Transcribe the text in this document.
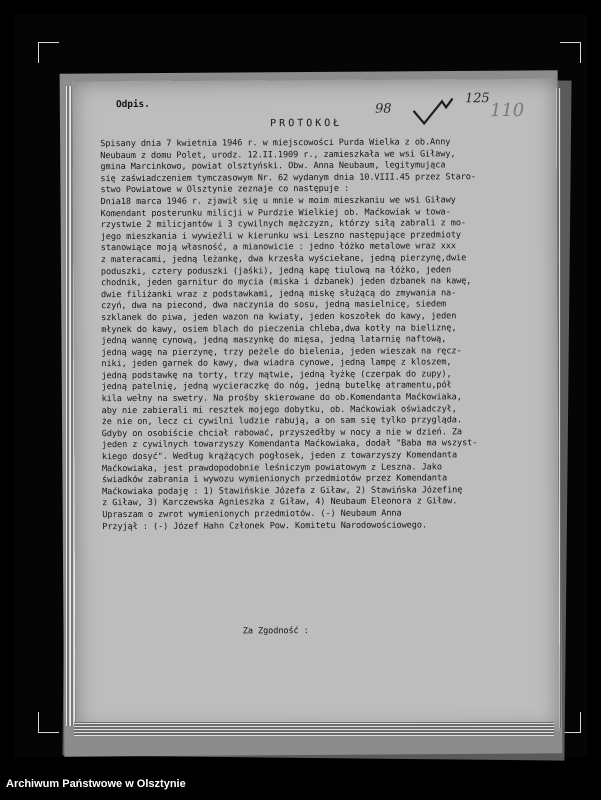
Odpis.
PROTOKOŁ
98
125
110
Spisany dnia 7 kwietnia 1946 r. w miejscowości Purda Wielka z ob.Anny
Neubaum z domu Polet, urodz. 12.II.1909 r., zamieszkała we wsi Giławy,
gmina Marcinkowo, powiat olsztyński. Obw. Anna Neubaum, legitymująca
się zaświadczeniem tymczasowym Nr. 62 wydanym dnia 10.VIII.45 przez Staro-
stwo Powiatowe w Olsztynie zeznaje co następuje :
Dnia18 marca 1946 r. zjawił się u mnie w moim mieszkaniu we wsi Giławy
Komendant posterunku milicji w Purdzie Wielkiej ob. Maćkowiak w towa-
rzystwie 2 milicjantów i 3 cywilnych mężczyzn, którzy siłą zabrali z mo-
jego mieszkania i wywieźli w kierunku wsi Leszno następujące przedmioty
stanowiące moją własność, a mianowicie : jedno łóżko metalowe wraz xxx
z materacami, jedną leżankę, dwa krzesła wyściełane, jedną pierzynę,dwie
poduszki, cztery poduszki (jaśki), jedną kapę tiulową na łóżko, jeden
chodnik, jeden garnitur do mycia (miska i dzbanek) jeden dzbanek na kawę,
dwie filiżanki wraz z podstawkami, jedną miskę służącą do zmywania na-
czyń, dwa na piecond, dwa naczynia do sosu, jedną masielnicę, siedem
szklanek do piwa, jeden wazon na kwiaty, jeden koszołek do kawy, jeden
młynek do kawy, osiem blach do pieczenia chleba,dwa kotły na bieliznę,
jedną wannę cynową, jedną maszynkę do mięsa, jedną latarnię naftową,
jedną wagę na pierzynę, trzy peżele do bielenia, jeden wieszak na ręcz-
niki, jeden garnek do kawy, dwa wiadra cynowe, jedną lampę z kloszem,
jedną podstawkę na torty, trzy mątwie, jedną łyżkę (czerpak do zupy),
jedną patelnię, jedną wycieraczkę do nóg, jedną butelkę atramentu,pół
kila wełny na swetry. Na prośby skierowane do ob.Komendanta Maćkowiaka,
aby nie zabierali mi resztek mojego dobytku, ob. Maćkowiak oświadczył,
że nie on, lecz ci cywilni ludzie rabują, a on sam się tylko przygląda.
Gdyby on osobiście chciał rabować, przyszedłby w nocy a nie w dzień. Za
jeden z cywilnych towarzyszy Komendanta Maćkowiaka, dodał "Baba ma wszyst-
kiego dosyć". Według krążących pogłosek, jeden z towarzyszy Komendanta
Maćkowiaka, jest prawdopodobnie leśniczym powiatowym z Leszna. Jako
świadków zabrania i wywozu wymienionych przedmiotów przez Komendanta
Maćkowiaka podaję : 1) Stawińskie Józefa z Giław, 2) Stawińska Józefinę
z Giław, 3) Karczewska Agnieszka z Giław, 4) Neubaum Eleonora z Giław.
Upraszam o zwrot wymienionych przedmiotów. (-) Neubaum Anna
Przyjął : (-) Józef Hahn Członek Pow. Komitetu Narodowościowego.
Za Zgodność :
Archiwum Państwowe w Olsztynie
